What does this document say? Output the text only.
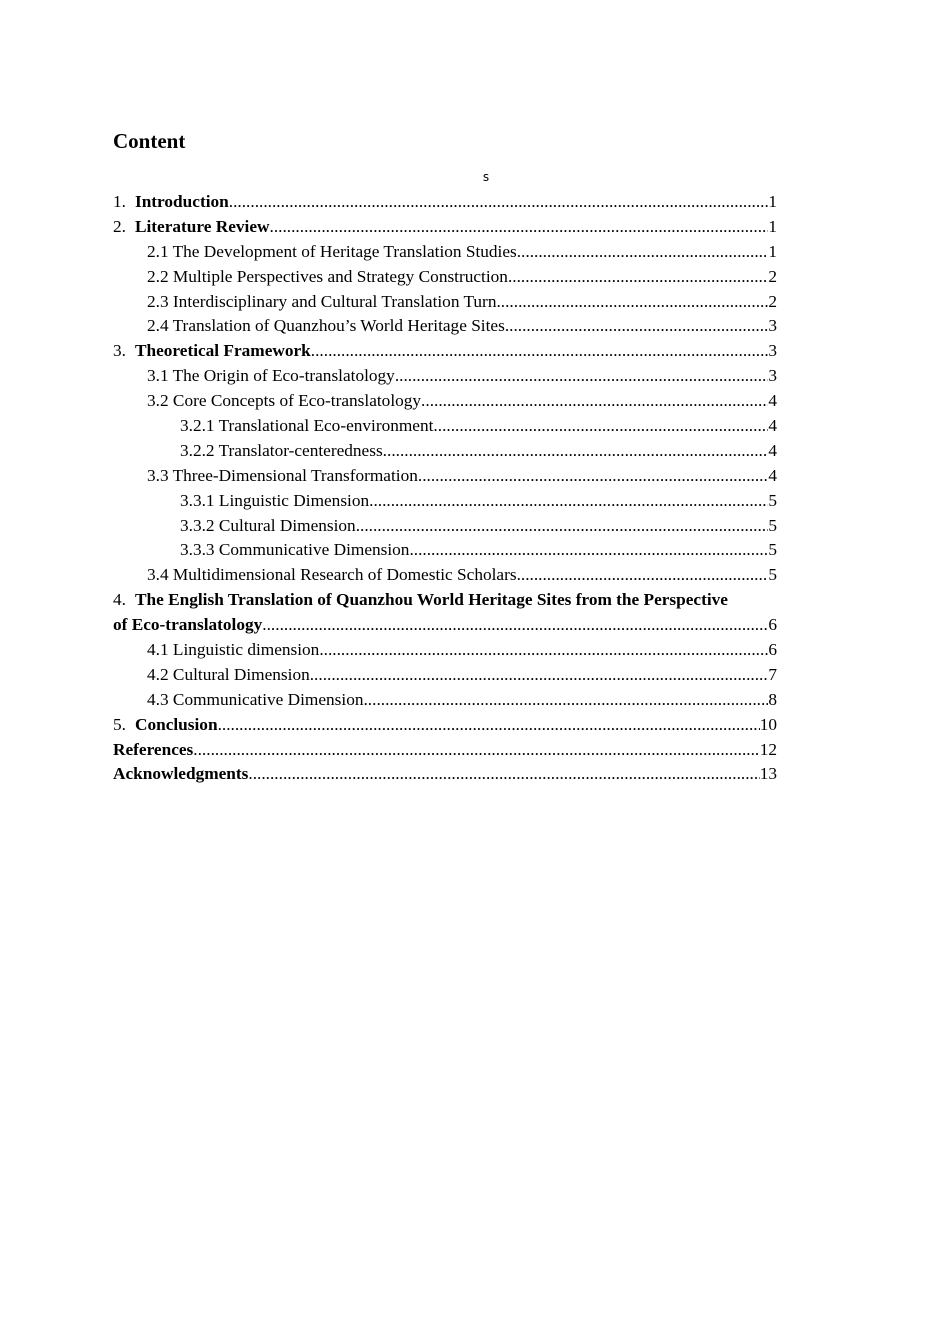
Content
s
1. Introduction .....	1
2. Literature Review .....	1
2.1 The Development of Heritage Translation Studies .....	1
2.2 Multiple Perspectives and Strategy Construction .....	2
2.3 Interdisciplinary and Cultural Translation Turn .....	2
2.4 Translation of Quanzhou’s World Heritage Sites .....	3
3. Theoretical Framework .....	3
3.1 The Origin of Eco-translatology .....	3
3.2 Core Concepts of Eco-translatology .....	4
3.2.1 Translational Eco-environment .....	4
3.2.2 Translator-centeredness .....	4
3.3 Three-Dimensional Transformation .....	4
3.3.1 Linguistic Dimension .....	5
3.3.2 Cultural Dimension .....	5
3.3.3 Communicative Dimension .....	5
3.4 Multidimensional Research of Domestic Scholars .....	5
4. The English Translation of Quanzhou World Heritage Sites from the Perspective
of Eco-translatology .....	6
4.1 Linguistic dimension .....	6
4.2 Cultural Dimension .....	7
4.3 Communicative Dimension .....	8
5. Conclusion .....	10
References .....	12
Acknowledgments .....	13
